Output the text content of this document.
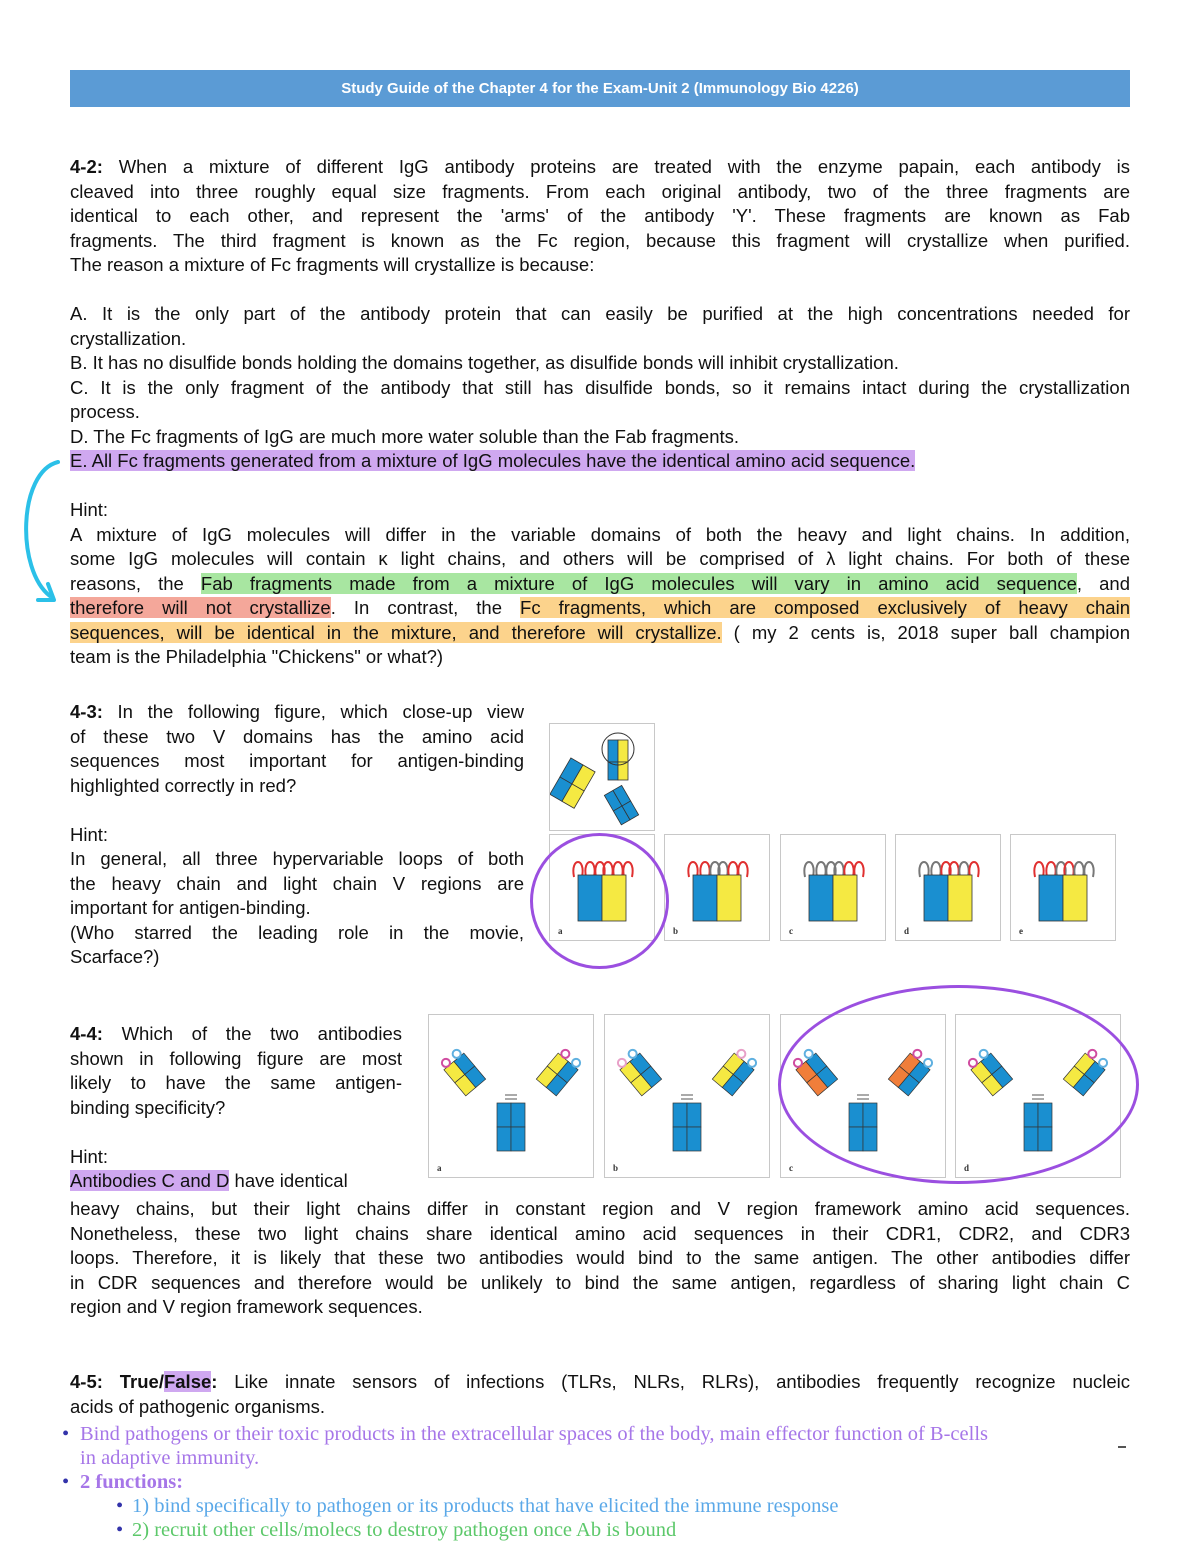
Study Guide of the Chapter 4 for the Exam-Unit 2 (Immunology Bio 4226)
4-2: When a mixture of different IgG antibody proteins are treated with the enzyme papain, each antibody is
cleaved into three roughly equal size fragments. From each original antibody, two of the three fragments are
identical to each other, and represent the 'arms' of the antibody 'Y'. These fragments are known as Fab
fragments. The third fragment is known as the Fc region, because this fragment will crystallize when purified.
The reason a mixture of Fc fragments will crystallize is because:
A. It is the only part of the antibody protein that can easily be purified at the high concentrations needed for
crystallization.
B. It has no disulfide bonds holding the domains together, as disulfide bonds will inhibit crystallization.
C. It is the only fragment of the antibody that still has disulfide bonds, so it remains intact during the crystallization
process.
D. The Fc fragments of IgG are much more water soluble than the Fab fragments.
E. All Fc fragments generated from a mixture of IgG molecules have the identical amino acid sequence.
Hint:
A mixture of IgG molecules will differ in the variable domains of both the heavy and light chains. In addition,
some IgG molecules will contain κ light chains, and others will be comprised of λ light chains. For both of these
reasons, the Fab fragments made from a mixture of IgG molecules will vary in amino acid sequence, and
therefore will not crystallize. In contrast, the Fc fragments, which are composed exclusively of heavy chain
sequences, will be identical in the mixture, and therefore will crystallize. ( my 2 cents is, 2018 super ball champion
team is the Philadelphia "Chickens" or what?)
4-3: In the following figure, which close-up view
of these two V domains has the amino acid
sequences most important for antigen-binding
highlighted correctly in red?
Hint:
In general, all three hypervariable loops of both
the heavy chain and light chain V regions are
important for antigen-binding.
(Who starred the leading role in the movie,
Scarface?)
a	b	c	d	e
4-4: Which of the two antibodies
shown in following figure are most
likely to have the same antigen-
binding specificity?
Hint:
Antibodies C and D have identical
heavy chains, but their light chains differ in constant region and V region framework amino acid sequences.
Nonetheless, these two light chains share identical amino acid sequences in their CDR1, CDR2, and CDR3
loops. Therefore, it is likely that these two antibodies would bind to the same antigen. The other antibodies differ
in CDR sequences and therefore would be unlikely to bind the same antigen, regardless of sharing light chain C
region and V region framework sequences.
a	b	c	d
4-5: True/False: Like innate sensors of infections (TLRs, NLRs, RLRs), antibodies frequently recognize nucleic
acids of pathogenic organisms.
• Bind pathogens or their toxic products in the extracellular spaces of the body, main effector function of B-cells
in adaptive immunity.
• 2 functions:
• 1) bind specifically to pathogen or its products that have elicited the immune response
• 2) recruit other cells/molecs to destroy pathogen once Ab is bound
